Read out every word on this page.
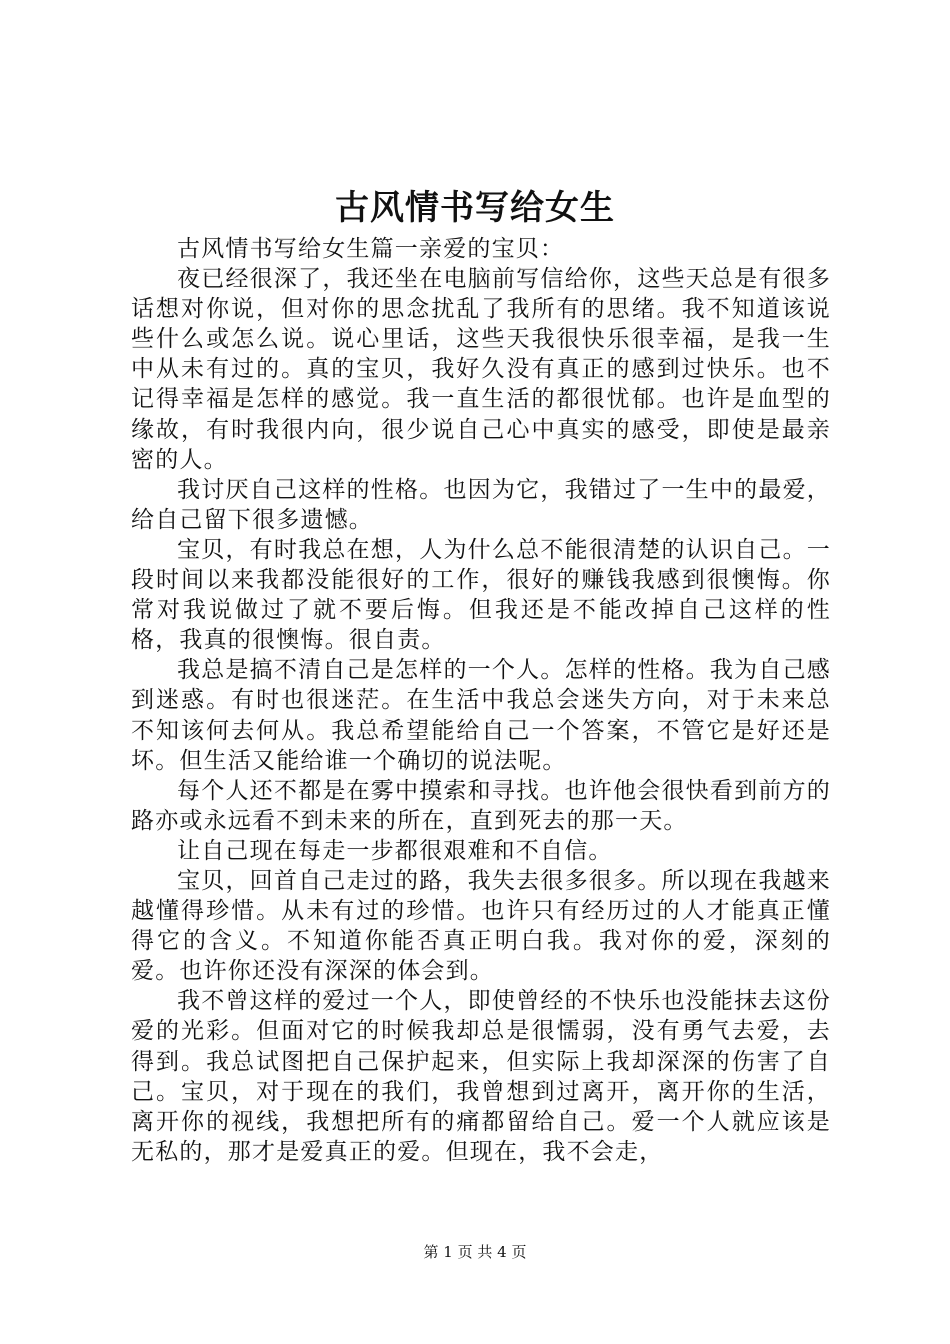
古风情书写给女生

古风情书写给女生篇一亲爱的宝贝：

夜已经很深了，我还坐在电脑前写信给你，这些天总是有很多话想对你说，但对你的思念扰乱了我所有的思绪。我不知道该说些什么或怎么说。说心里话，这些天我很快乐很幸福，是我一生中从未有过的。真的宝贝，我好久没有真正的感到过快乐。也不记得幸福是怎样的感觉。我一直生活的都很忧郁。也许是血型的缘故，有时我很内向，很少说自己心中真实的感受，即使是最亲密的人。

我讨厌自己这样的性格。也因为它，我错过了一生中的最爱，给自己留下很多遗憾。

宝贝，有时我总在想，人为什么总不能很清楚的认识自己。一段时间以来我都没能很好的工作，很好的赚钱我感到很懊悔。你常对我说做过了就不要后悔。但我还是不能改掉自己这样的性格，我真的很懊悔。很自责。

我总是搞不清自己是怎样的一个人。怎样的性格。我为自己感到迷惑。有时也很迷茫。在生活中我总会迷失方向，对于未来总不知该何去何从。我总希望能给自己一个答案，不管它是好还是坏。但生活又能给谁一个确切的说法呢。

每个人还不都是在雾中摸索和寻找。也许他会很快看到前方的路亦或永远看不到未来的所在，直到死去的那一天。

让自己现在每走一步都很艰难和不自信。

宝贝，回首自己走过的路，我失去很多很多。所以现在我越来越懂得珍惜。从未有过的珍惜。也许只有经历过的人才能真正懂得它的含义。不知道你能否真正明白我。我对你的爱，深刻的爱。也许你还没有深深的体会到。

我不曾这样的爱过一个人，即使曾经的不快乐也没能抹去这份爱的光彩。但面对它的时候我却总是很懦弱，没有勇气去爱，去得到。我总试图把自己保护起来，但实际上我却深深的伤害了自己。宝贝，对于现在的我们，我曾想到过离开，离开你的生活，离开你的视线，我想把所有的痛都留给自己。爱一个人就应该是无私的，那才是爱真正的爱。但现在，我不会走，

第 1 页 共 4 页
